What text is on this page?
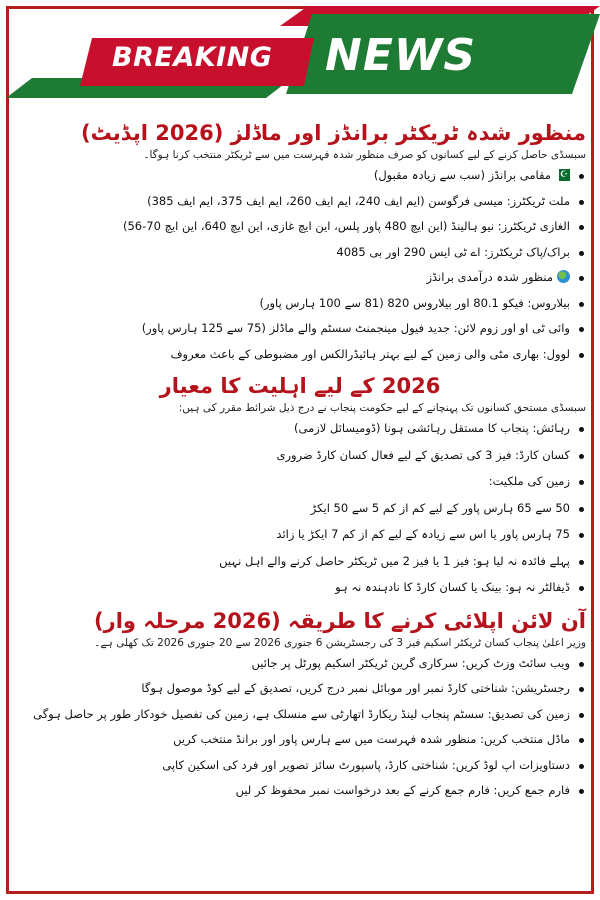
BREAKING NEWS
منظور شدہ ٹریکٹر برانڈز اور ماڈلز (2026 اپڈیٹ)

سبسڈی حاصل کرنے کے لیے کسانوں کو صرف منظور شدہ فہرست میں سے ٹریکٹر منتخب کرنا ہوگا۔

☪مقامی برانڈز (سب سے زیادہ مقبول)
ملت ٹریکٹرز: میسی فرگوسن (ایم ایف 240، ایم ایف 260، ایم ایف 375، ایم ایف 385)
الغازی ٹریکٹرز: نیو ہالینڈ (این ایچ 480 پاور پلس، این ایچ غازی، این ایچ 640، این ایچ 70-56)
براک/پاک ٹریکٹرز: اے ٹی ایس 290 اور بی 4085
منظور شدہ درآمدی برانڈز
بیلاروس: فیکو 80.1 اور بیلاروس 820 (81 سے 100 ہارس پاور)
وائی ٹی او اور زوم لائن: جدید فیول مینجمنٹ سسٹم والے ماڈلز (75 سے 125 ہارس پاور)
لوول: بھاری مٹی والی زمین کے لیے بہتر ہائیڈرالکس اور مضبوطی کے باعث معروف
2026 کے لیے اہلیت کا معیار

سبسڈی مستحق کسانوں تک پہنچانے کے لیے حکومت پنجاب نے درج ذیل شرائط مقرر کی ہیں:

رہائش: پنجاب کا مستقل رہائشی ہونا (ڈومیسائل لازمی)
کسان کارڈ: فیز 3 کی تصدیق کے لیے فعال کسان کارڈ ضروری
زمین کی ملکیت:
50 سے 65 ہارس پاور کے لیے کم از کم 5 سے 50 ایکڑ
75 ہارس پاور یا اس سے زیادہ کے لیے کم از کم 7 ایکڑ یا زائد
پہلے فائدہ نہ لیا ہو: فیز 1 یا فیز 2 میں ٹریکٹر حاصل کرنے والے اہل نہیں
ڈیفالٹر نہ ہو: بینک یا کسان کارڈ کا نادہندہ نہ ہو
آن لائن اپلائی کرنے کا طریقہ (2026 مرحلہ وار)

وزیر اعلیٰ پنجاب کسان ٹریکٹر اسکیم فیز 3 کی رجسٹریشن 6 جنوری 2026 سے 20 جنوری 2026 تک کھلی ہے۔

ویب سائٹ وزٹ کریں: سرکاری گرین ٹریکٹر اسکیم پورٹل پر جائیں
رجسٹریشن: شناختی کارڈ نمبر اور موبائل نمبر درج کریں، تصدیق کے لیے کوڈ موصول ہوگا
زمین کی تصدیق: سسٹم پنجاب لینڈ ریکارڈ اتھارٹی سے منسلک ہے، زمین کی تفصیل خودکار طور پر حاصل ہوگی
ماڈل منتخب کریں: منظور شدہ فہرست میں سے ہارس پاور اور برانڈ منتخب کریں
دستاویزات اپ لوڈ کریں: شناختی کارڈ، پاسپورٹ سائز تصویر اور فرد کی اسکین کاپی
فارم جمع کریں: فارم جمع کرنے کے بعد درخواست نمبر محفوظ کر لیں
